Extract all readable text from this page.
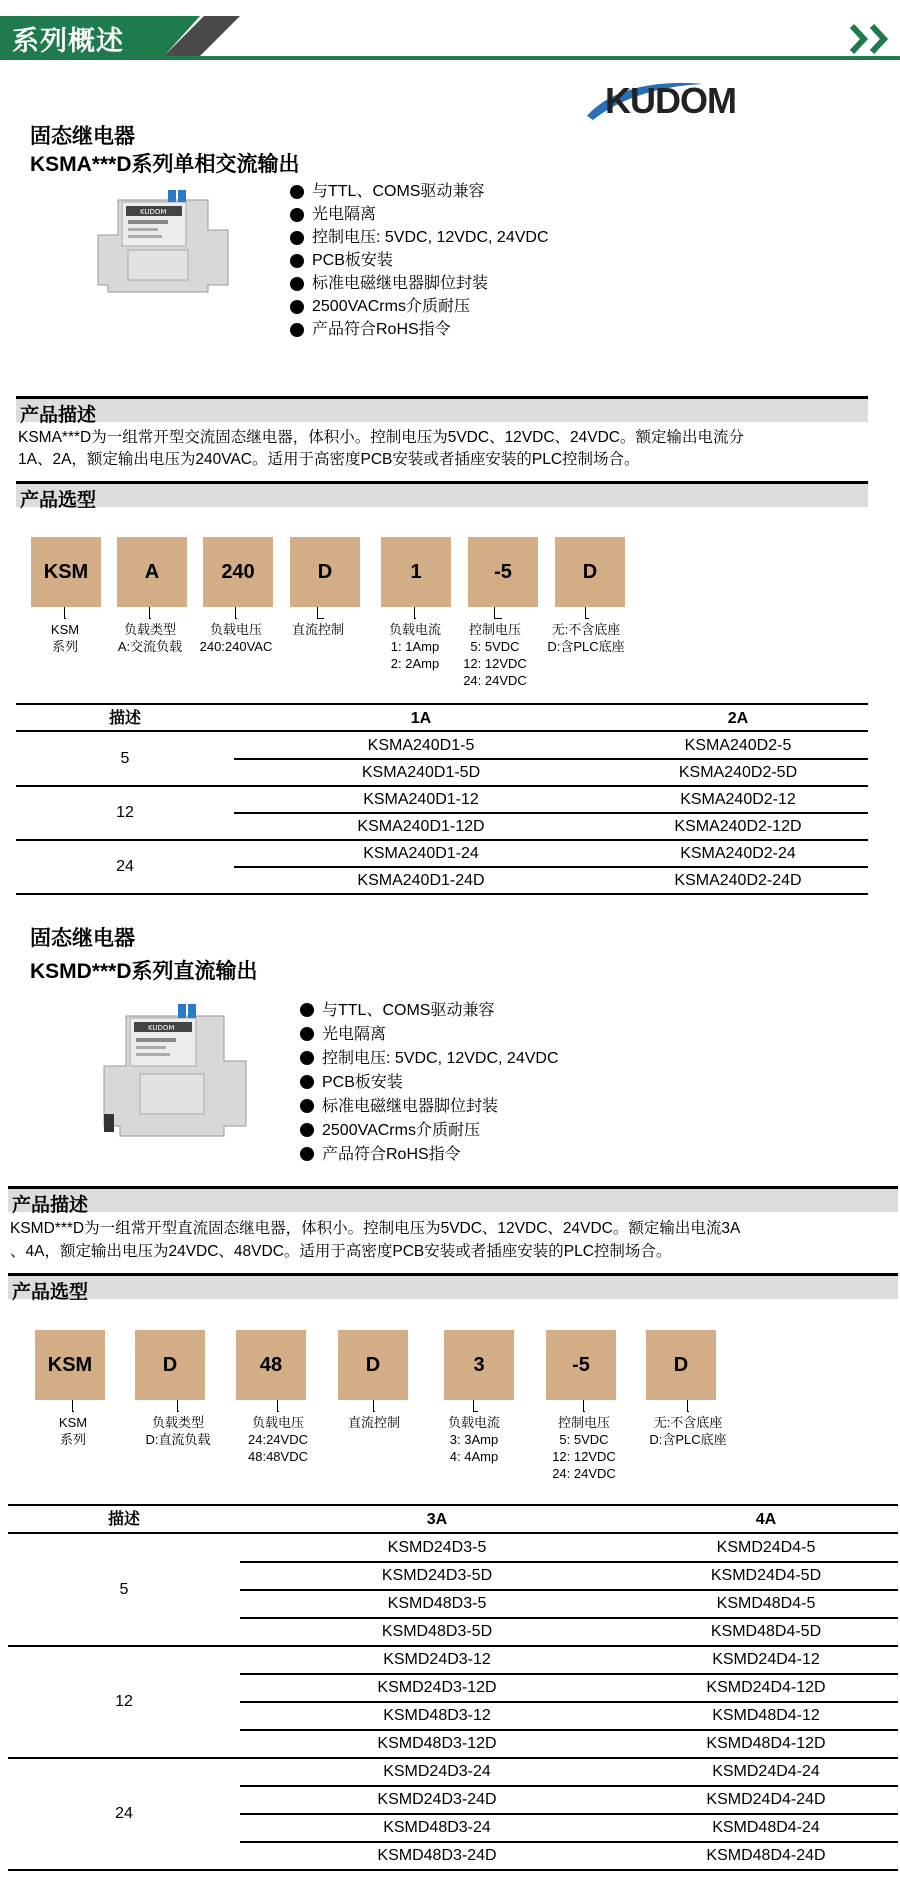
系列概述
KUDOM
固态继电器
KSMA***D系列单相交流输出
KUDOM
与TTL、COMS驱动兼容
光电隔离
控制电压: 5VDC, 12VDC, 24VDC
PCB板安装
标准电磁继电器脚位封装
2500VACrms介质耐压
产品符合RoHS指令
产品描述
KSMA***D为一组常开型交流固态继电器，体积小。控制电压为5VDC、12VDC、24VDC。额定输出电流分
1A、2A，额定输出电压为240VAC。适用于高密度PCB安装或者插座安装的PLC控制场合。
产品选型
KSM
KSM
系列
A
负载类型
A:交流负载
240
负载电压
240:240VAC
D
直流控制
1
负载电流
1: 1Amp
2: 2Amp
-5
控制电压
5: 5VDC
12: 12VDC
24: 24VDC
D
无:不含底座
D:含PLC底座
描述	1A	2A
5
KSMA240D1-5	KSMA240D2-5
KSMA240D1-5D	KSMA240D2-5D
12
KSMA240D1-12	KSMA240D2-12
KSMA240D1-12D	KSMA240D2-12D
24
KSMA240D1-24	KSMA240D2-24
KSMA240D1-24D	KSMA240D2-24D
固态继电器
KSMD***D系列直流输出
KUDOM
与TTL、COMS驱动兼容
光电隔离
控制电压: 5VDC, 12VDC, 24VDC
PCB板安装
标准电磁继电器脚位封装
2500VACrms介质耐压
产品符合RoHS指令
产品描述
KSMD***D为一组常开型直流固态继电器，体积小。控制电压为5VDC、12VDC、24VDC。额定输出电流3A
、4A，额定输出电压为24VDC、48VDC。适用于高密度PCB安装或者插座安装的PLC控制场合。
产品选型
KSM
KSM
系列
D
负载类型
D:直流负载
48
负载电压
24:24VDC
48:48VDC
D
直流控制
3
负载电流
3: 3Amp
4: 4Amp
-5
控制电压
5: 5VDC
12: 12VDC
24: 24VDC
D
无:不含底座
D:含PLC底座
描述	3A	4A
5
KSMD24D3-5	KSMD24D4-5
KSMD24D3-5D	KSMD24D4-5D
KSMD48D3-5	KSMD48D4-5
KSMD48D3-5D	KSMD48D4-5D
12
KSMD24D3-12	KSMD24D4-12
KSMD24D3-12D	KSMD24D4-12D
KSMD48D3-12	KSMD48D4-12
KSMD48D3-12D	KSMD48D4-12D
24
KSMD24D3-24	KSMD24D4-24
KSMD24D3-24D	KSMD24D4-24D
KSMD48D3-24	KSMD48D4-24
KSMD48D3-24D	KSMD48D4-24D
